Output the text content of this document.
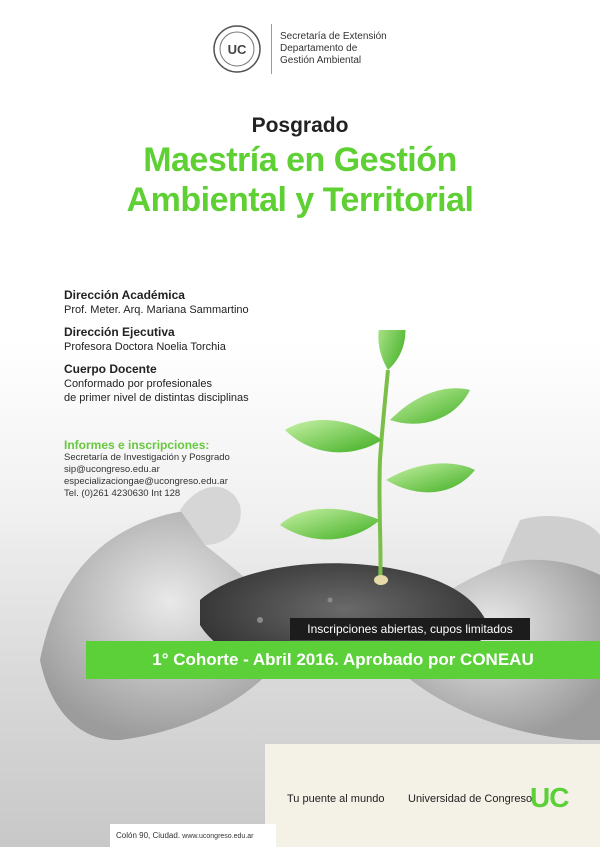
UC
Secretaría de Extensión
Departamento de
Gestión Ambiental
Posgrado
Maestría en Gestión
Ambiental y Territorial
Dirección Académica
Prof. Meter. Arq. Mariana Sammartino
Dirección Ejecutiva
Profesora Doctora Noelia Torchia
Cuerpo Docente
Conformado por profesionales
de primer nivel de distintas disciplinas
Informes e inscripciones:
Secretaría de Investigación y Posgrado
sip@ucongreso.edu.ar
especializaciongae@ucongreso.edu.ar
Tel. (0)261 4230630 Int 128
Inscripciones abiertas, cupos limitados
1° Cohorte - Abril 2016. Aprobado por CONEAU
Tu puente al mundo Universidad de Congreso
UC
Colón 90, Ciudad. www.ucongreso.edu.ar
